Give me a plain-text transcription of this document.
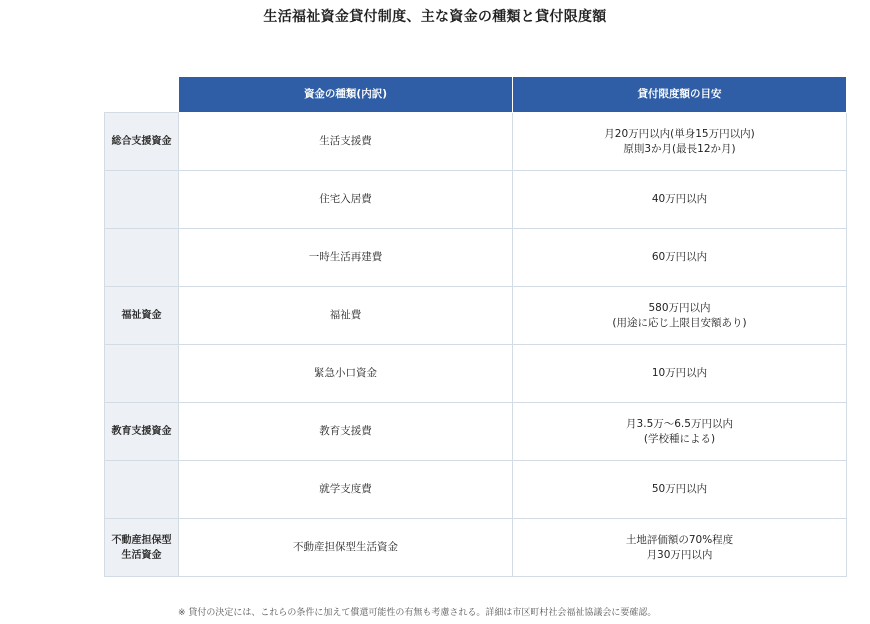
生活福祉資金貸付制度、主な資金の種類と貸付限度額
	資金の種類(内訳)	貸付限度額の目安

総合支援資金	生活支援費	月20万円以内(単身15万円以内)
原則3か月(最長12か月)

	住宅入居費	40万円以内

	一時生活再建費	60万円以内

福祉資金	福祉費	580万円以内
(用途に応じ上限目安額あり)

	緊急小口資金	10万円以内

教育支援資金	教育支援費	月3.5万～6.5万円以内
(学校種による)

	就学支度費	50万円以内

不動産担保型
生活資金	不動産担保型生活資金	土地評価額の70%程度
月30万円以内
※ 貸付の決定には、これらの条件に加えて償還可能性の有無も考慮される。詳細は市区町村社会福祉協議会に要確認。
